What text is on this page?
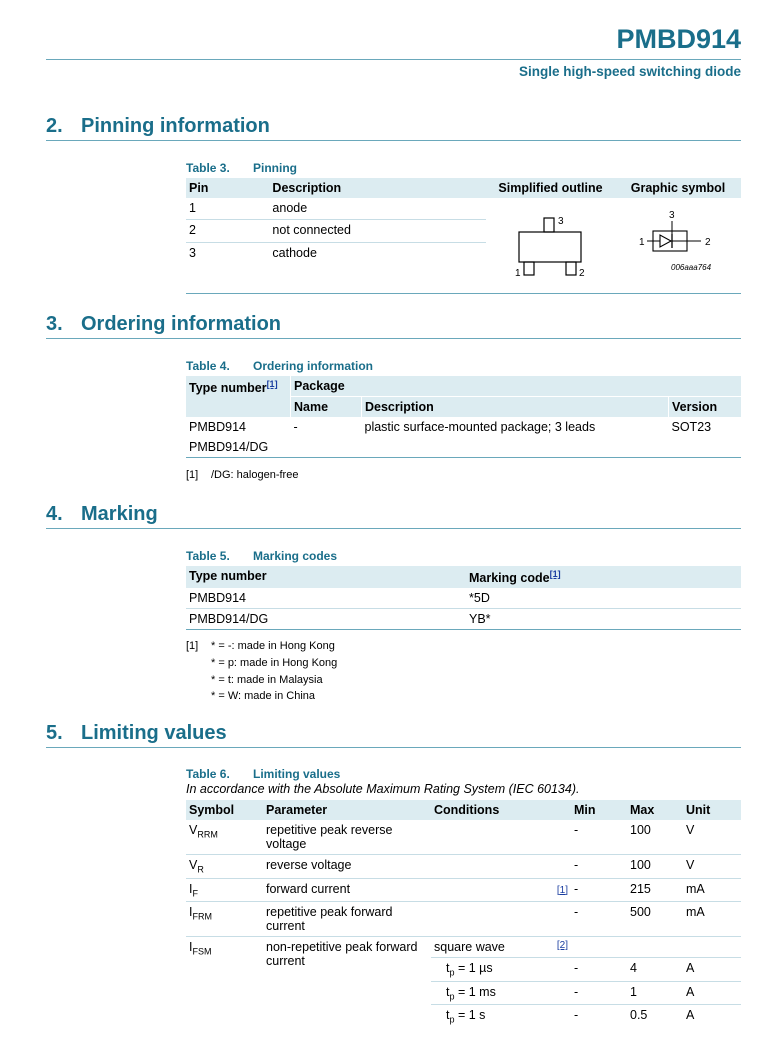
PMBD914
Single high-speed switching diode
2. Pinning information
Table 3. Pinning
Pin	Description	Simplified outline	Graphic symbol
1	anode	3
1 2	3
1 2
006aaa764

2	not connected		
3	cathode		
3. Ordering information
Table 4. Ordering information
Type number[1]	Package		
	Name	Description	Version
PMBD914	-	plastic surface-mounted package; 3 leads	SOT23
PMBD914/DG			
[1] /DG: halogen-free
4. Marking
Table 5. Marking codes
Type number	Marking code[1]
PMBD914	*5D
PMBD914/DG	YB*
[1] * = -: made in Hong Kong
* = p: made in Hong Kong
* = t: made in Malaysia
* = W: made in China
5. Limiting values
Table 6. Limiting values
In accordance with the Absolute Maximum Rating System (IEC 60134).
Symbol	Parameter	Conditions	Min	Max	Unit
$V_{RRM}$	repetitive peak reverse voltage		-	100	V
$V_R$	reverse voltage		-	100	V
$I_F$	forward current	[1]	-	215	mA
$I_{FRM}$	repetitive peak forward current		-	500	mA
$I_{FSM}$	non-repetitive peak forward current	square wave [2]			

		$t_p = 1$ µs	-	4	A
		$t_p = 1$ ms	-	1	A
		$t_p = 1$ s	-	0.5	A
